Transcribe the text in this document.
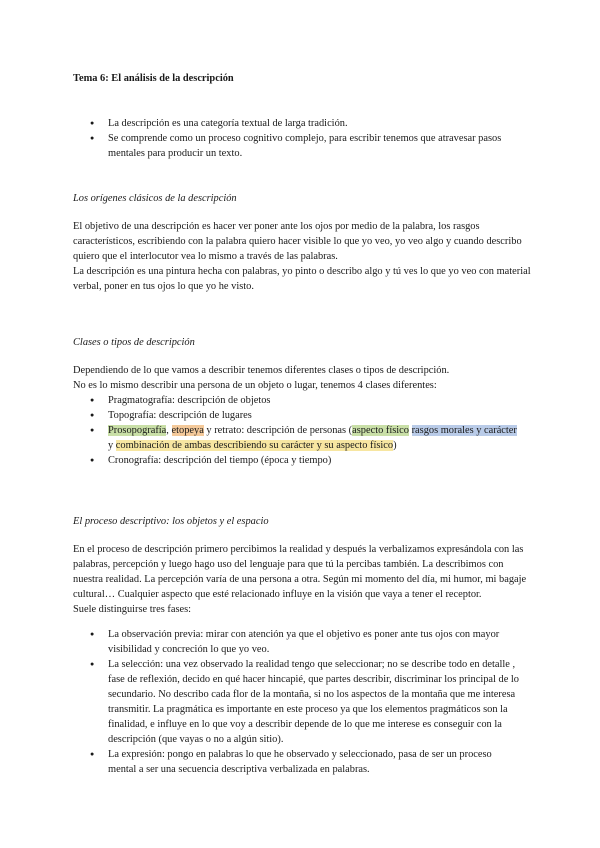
Tema 6: El análisis de la descripción
● La descripción es una categoría textual de larga tradición.
● Se comprende como un proceso cognitivo complejo, para escribir tenemos que atravesar pasos mentales para producir un texto.
Los orígenes clásicos de la descripción

El objetivo de una descripción es hacer ver poner ante los ojos por medio de la palabra, los rasgos característicos, escribiendo con la palabra quiero hacer visible lo que yo veo, yo veo algo y cuando describo quiero que el interlocutor vea lo mismo a través de las palabras.

La descripción es una pintura hecha con palabras, yo pinto o describo algo y tú ves lo que yo veo con material verbal, poner en tus ojos lo que yo he visto.

Clases o tipos de descripción

Dependiendo de lo que vamos a describir tenemos diferentes clases o tipos de descripción.

No es lo mismo describir una persona de un objeto o lugar, tenemos 4 clases diferentes:

● Pragmatografía: descripción de objetos
● Topografía: descripción de lugares
● Prosopografía, etopeya y retrato: descripción de personas (aspecto físico rasgos morales y carácter y combinación de ambas describiendo su carácter y su aspecto físico)
● Cronografía: descripción del tiempo (época y tiempo)
El proceso descriptivo: los objetos y el espacio

En el proceso de descripción primero percibimos la realidad y después la verbalizamos expresándola con las palabras, percepción y luego hago uso del lenguaje para que tú la percibas también. La describimos con nuestra realidad. La percepción varía de una persona a otra. Según mi momento del día, mi humor, mi bagaje cultural… Cualquier aspecto que esté relacionado influye en la visión que vaya a tener el receptor.

Suele distinguirse tres fases:

● La observación previa: mirar con atención ya que el objetivo es poner ante tus ojos con mayor visibilidad y concreción lo que yo veo.
● La selección: una vez observado la realidad tengo que seleccionar; no se describe todo en detalle , fase de reflexión, decido en qué hacer hincapié, que partes describir, discriminar los principal de lo secundario. No describo cada flor de la montaña, si no los aspectos de la montaña que me interesa transmitir. La pragmática es importante en este proceso ya que los elementos pragmáticos son la finalidad, e influye en lo que voy a describir depende de lo que me interese es conseguir con la descripción (que vayas o no a algún sitio).
● La expresión: pongo en palabras lo que he observado y seleccionado, pasa de ser un proceso mental a ser una secuencia descriptiva verbalizada en palabras.
